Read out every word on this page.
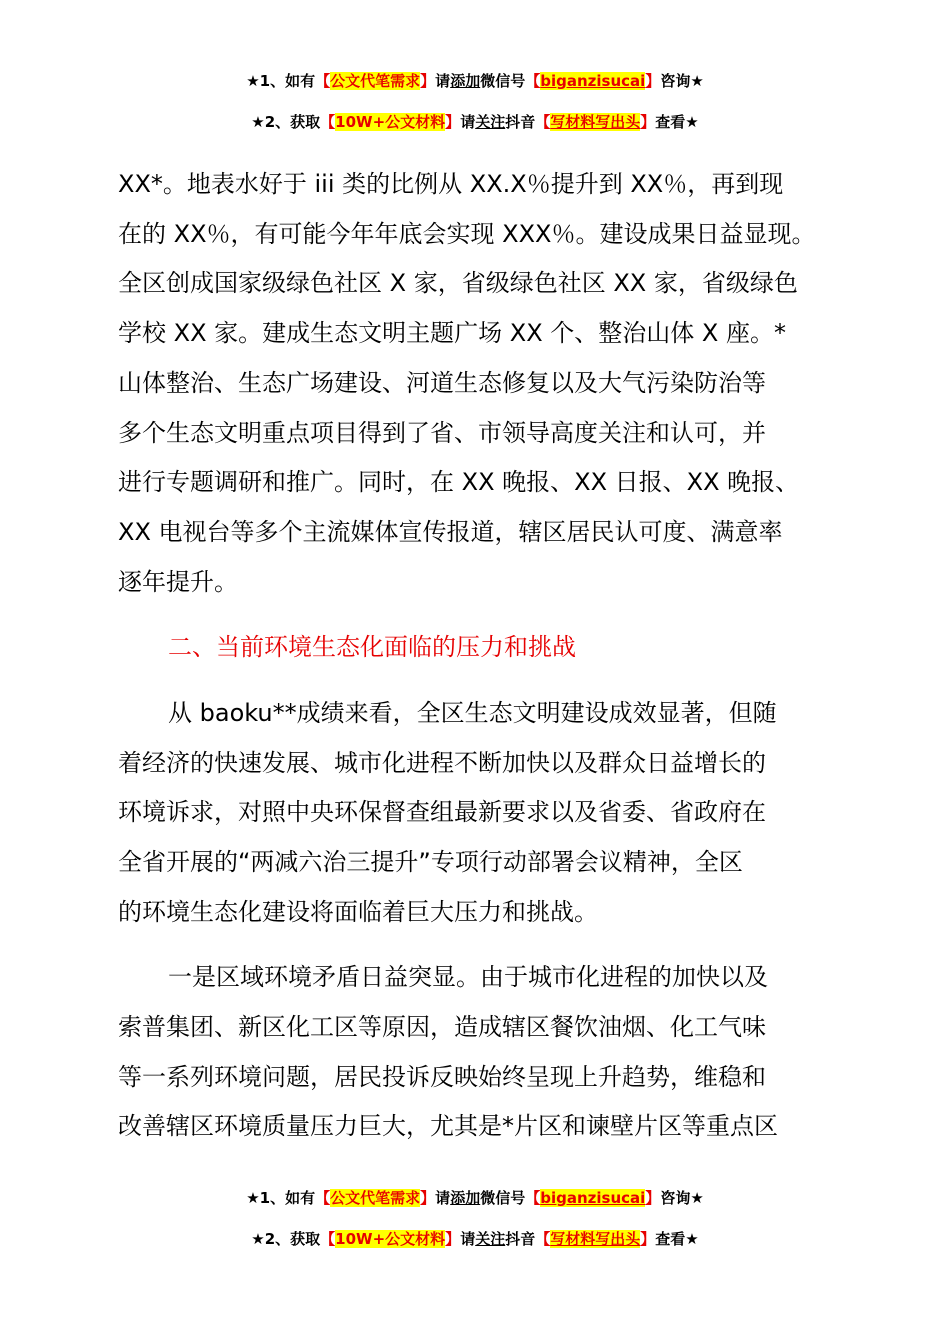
★1、如有【公文代笔需求】请添加微信号【biganzisucai】咨询★
★2、获取【10W+公文材料】请关注抖音【写材料写出头】查看★
XX*。地表水好于 iii 类的比例从 XX.X％提升到 XX％，再到现
在的 XX％，有可能今年年底会实现 XXX％。建设成果日益显现。
全区创成国家级绿色社区 X 家，省级绿色社区 XX 家，省级绿色
学校 XX 家。建成生态文明主题广场 XX 个、整治山体 X 座。*
山体整治、生态广场建设、河道生态修复以及大气污染防治等
多个生态文明重点项目得到了省、市领导高度关注和认可，并
进行专题调研和推广。同时，在 XX 晚报、XX 日报、XX 晚报、
XX 电视台等多个主流媒体宣传报道，辖区居民认可度、满意率
逐年提升。
二、当前环境生态化面临的压力和挑战
从 baoku**成绩来看，全区生态文明建设成效显著，但随
着经济的快速发展、城市化进程不断加快以及群众日益增长的
环境诉求，对照中央环保督查组最新要求以及省委、省政府在
全省开展的“两减六治三提升”专项行动部署会议精神，全区
的环境生态化建设将面临着巨大压力和挑战。
一是区域环境矛盾日益突显。由于城市化进程的加快以及
索普集团、新区化工区等原因，造成辖区餐饮油烟、化工气味
等一系列环境问题，居民投诉反映始终呈现上升趋势，维稳和
改善辖区环境质量压力巨大，尤其是*片区和谏壁片区等重点区
★1、如有【公文代笔需求】请添加微信号【biganzisucai】咨询★
★2、获取【10W+公文材料】请关注抖音【写材料写出头】查看★
